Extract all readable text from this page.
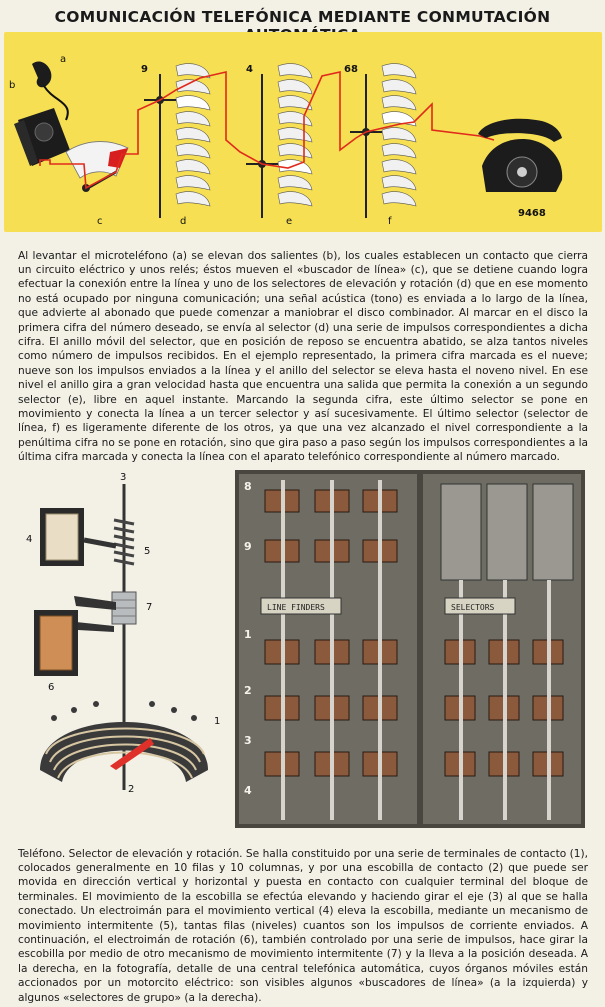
COMUNICACIÓN TELEFÓNICA MEDIANTE CONMUTACIÓN
a
b
c
9
d
4
e
68
f
9468

Al levantar el microteléfono (a) se elevan dos salientes (b), los cuales establecen un contacto que cierra un circuito eléctrico y unos relés; éstos mueven el «buscador de línea» (c), que se detiene cuando logra efectuar la conexión entre la línea y uno de los selectores de elevación y rotación (d) que en ese momento no está ocupado por ninguna comunicación; una señal acústica (tono) es enviada a lo largo de la línea, que advierte al abonado que puede comenzar a maniobrar el disco combinador. Al marcar en el disco la primera cifra del número deseado, se envía al selector (d) una serie de impulsos correspondientes a dicha cifra. El anillo móvil del selector, que en posición de reposo se encuentra abatido, se alza tantos niveles como número de impulsos recibidos. En el ejemplo representado, la primera cifra marcada es el nueve; nueve son los impulsos enviados a la línea y el anillo del selector se eleva hasta el noveno nivel. En ese nivel el anillo gira a gran velocidad hasta que encuentra una salida que permita la conexión a un segundo selector (e), libre en aquel instante. Marcando la segunda cifra, este último selector se pone en movimiento y conecta la línea a un tercer selector y así sucesivamente. El último selector (selector de línea, f) es ligeramente diferente de los otros, ya que una vez alcanzado el nivel correspondiente a la penúltima cifra no se pone en rotación, sino que gira paso a paso según los impulsos correspondientes a la última cifra marcada y conecta la línea con el aparato telefónico correspondiente al número marcado.

3
5
4
7
6
1
2
LINE FINDERS	SELECTORS
8
9
1
2
3
4

Teléfono. Selector de elevación y rotación. Se halla constituido por una serie de terminales de contacto (1), colocados generalmente en 10 filas y 10 columnas, y por una escobilla de contacto (2) que puede ser movida en dirección vertical y horizontal y puesta en contacto con cualquier terminal del bloque de terminales. El movimiento de la escobilla se efectúa elevando y haciendo girar el eje (3) al que se halla conectado. Un electroimán para el movimiento vertical (4) eleva la escobilla, mediante un mecanismo de movimiento intermitente (5), tantas filas (niveles) cuantos son los impulsos de corriente enviados. A continuación, el electroimán de rotación (6), también controlado por una serie de impulsos, hace girar la escobilla por medio de otro mecanismo de movimiento intermitente (7) y la lleva a la posición deseada. A la derecha, en la fotografía, detalle de una central telefónica automática, cuyos órganos móviles están accionados por un motorcito eléctrico: son visibles algunos «buscadores de línea» (a la izquierda) y algunos «selectores de grupo» (a la derecha).
